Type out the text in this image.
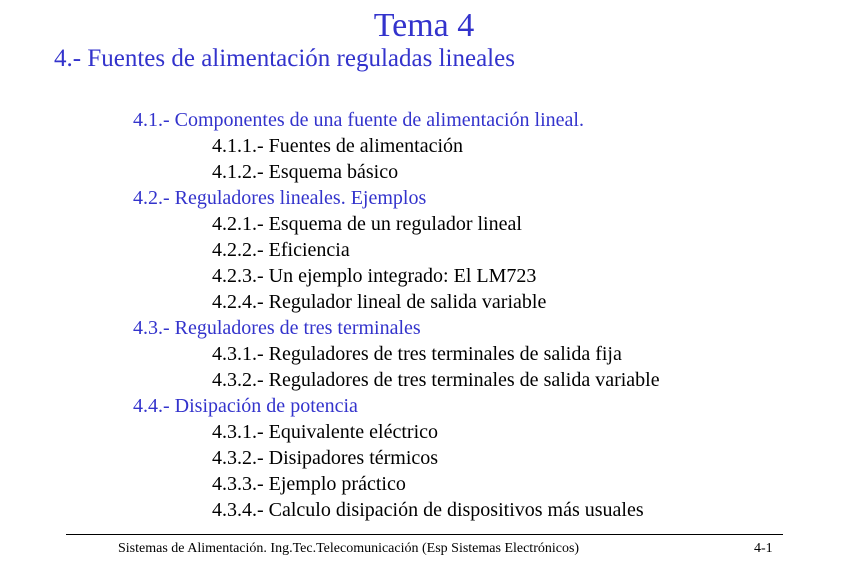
Tema 4
4.- Fuentes de alimentación reguladas lineales
4.1.- Componentes de una fuente de alimentación lineal.
4.1.1.- Fuentes de alimentación
4.1.2.- Esquema básico
4.2.- Reguladores lineales. Ejemplos
4.2.1.- Esquema de un regulador lineal
4.2.2.- Eficiencia
4.2.3.- Un ejemplo integrado: El LM723
4.2.4.- Regulador lineal de salida variable
4.3.- Reguladores de tres terminales
4.3.1.- Reguladores de tres terminales de salida fija
4.3.2.- Reguladores de tres terminales de salida variable
4.4.- Disipación de potencia
4.3.1.- Equivalente eléctrico
4.3.2.- Disipadores térmicos
4.3.3.- Ejemplo práctico
4.3.4.- Calculo disipación de dispositivos más usuales
Sistemas de Alimentación. Ing.Tec.Telecomunicación (Esp Sistemas Electrónicos)	4-1
